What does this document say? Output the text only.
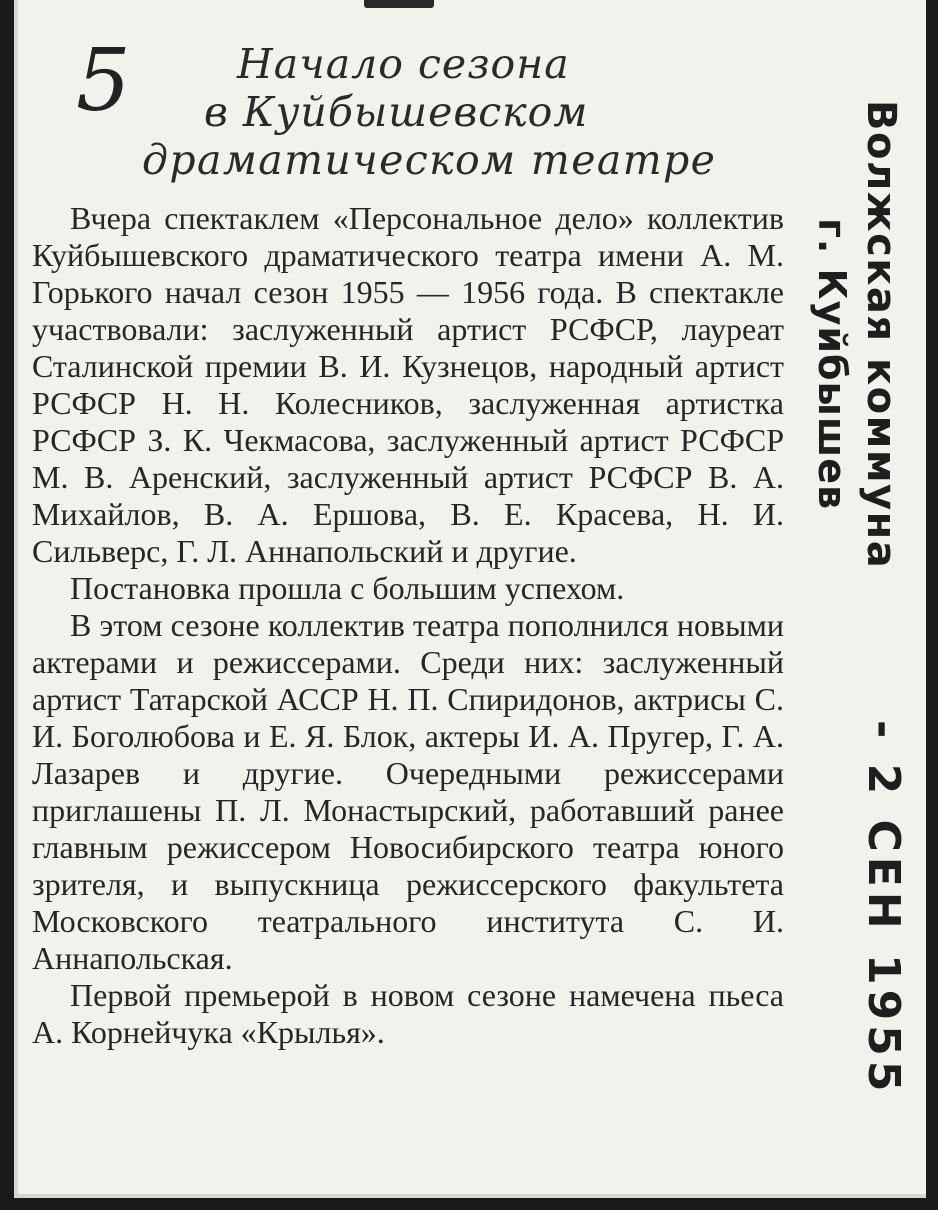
5	Начало сезона
в Куйбышевском
драматическом театре

Вчера спектаклем «Персональное дело» коллектив Куйбышевского драматического театра имени А. М. Горького начал сезон 1955 — 1956 года. В спектакле участвовали: заслуженный артист РСФСР, лауреат Сталинской премии В. И. Кузнецов, народный артист РСФСР Н. Н. Колесников, заслуженная артистка РСФСР З. К. Чекмасова, заслуженный артист РСФСР М. В. Аренский, заслуженный артист РСФСР В. А. Михайлов, В. А. Ершова, В. Е. Красева, Н. И. Сильверс, Г. Л. Аннапольский и другие.

Постановка прошла с большим успехом.

В этом сезоне коллектив театра пополнился новыми актерами и режиссерами. Среди них: заслуженный артист Татарской АССР Н. П. Спиридонов, актрисы С. И. Боголюбова и Е. Я. Блок, актеры И. А. Пругер, Г. А. Лазарев и другие. Очередными режиссерами приглашены П. Л. Монастырский, работавший ранее главным режиссером Новосибирского театра юного зрителя, и выпускница режиссерского факультета Московского театрального института С. И. Аннапольская.

Первой премьерой в новом сезоне намечена пьеса А. Корнейчука «Крылья».

Волжская коммуна
г. Куйбышев
- 2 СЕН 1955
